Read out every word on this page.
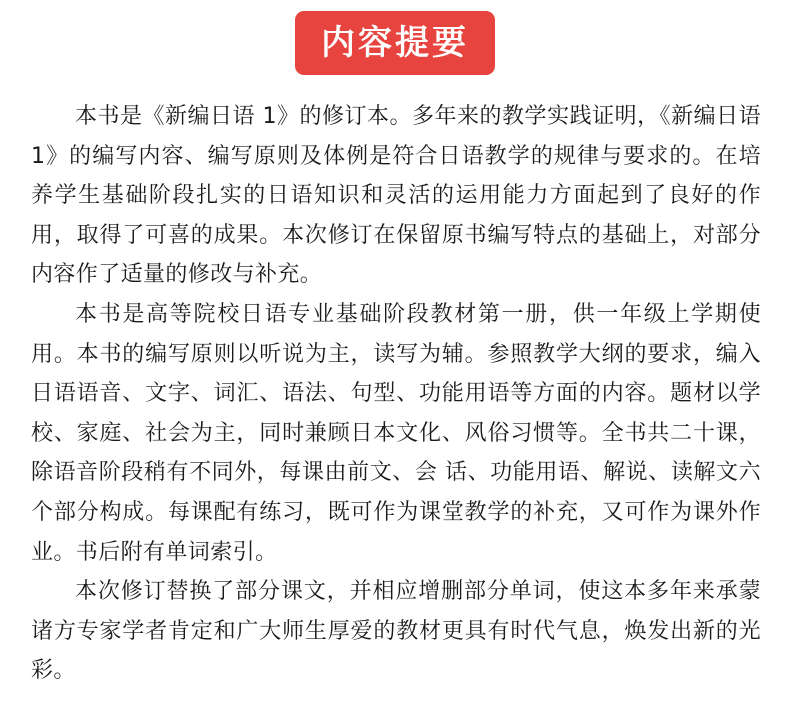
内容提要

本书是《新编日语 1》的修订本。多年来的教学实践证明，《新编日语 1》的编写内容、编写原则及体例是符合日语教学的规律与要求的。在培养学生基础阶段扎实的日语知识和灵活的运用能力方面起到了良好的作用，取得了可喜的成果。本次修订在保留原书编写特点的基础上，对部分内容作了适量的修改与补充。

本书是高等院校日语专业基础阶段教材第一册，供一年级上学期使用。本书的编写原则以听说为主，读写为辅。参照教学大纲的要求，编入日语语音、文字、词汇、语法、句型、功能用语等方面的内容。题材以学校、家庭、社会为主，同时兼顾日本文化、风俗习惯等。全书共二十课，除语音阶段稍有不同外，每课由前文、会 话、功能用语、解说、读解文六个部分构成。每课配有练习，既可作为课堂教学的补充，又可作为课外作业。书后附有单词索引。

本次修订替换了部分课文，并相应增删部分单词，使这本多年来承蒙诸方专家学者肯定和广大师生厚爱的教材更具有时代气息，焕发出新的光彩。
